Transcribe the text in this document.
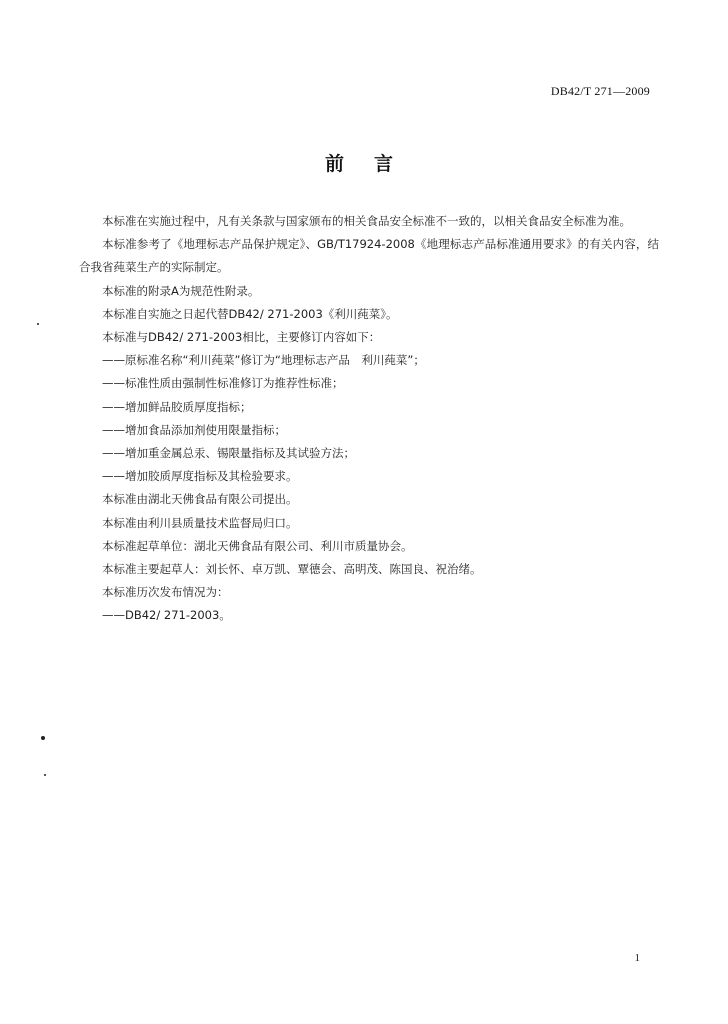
DB42/T 271—2009
前言

本标准在实施过程中，凡有关条款与国家颁布的相关食品安全标准不一致的，以相关食品安全标准为准。

本标准参考了《地理标志产品保护规定》、GB/T17924-2008《地理标志产品标准通用要求》的有关内容，结合我省莼菜生产的实际制定。

本标准的附录A为规范性附录。

本标准自实施之日起代替DB42/ 271-2003《利川莼菜》。

本标准与DB42/ 271-2003相比，主要修订内容如下：

——原标准名称“利川莼菜”修订为“地理标志产品　利川莼菜”；

——标准性质由强制性标准修订为推荐性标准；

——增加鲜品胶质厚度指标；

——增加食品添加剂使用限量指标；

——增加重金属总汞、锡限量指标及其试验方法；

——增加胶质厚度指标及其检验要求。

本标准由湖北天佛食品有限公司提出。

本标准由利川县质量技术监督局归口。

本标准起草单位：湖北天佛食品有限公司、利川市质量协会。

本标准主要起草人：刘长怀、卓万凯、覃德会、高明茂、陈国良、祝治绪。

本标准历次发布情况为：

——DB42/ 271-2003。

1
